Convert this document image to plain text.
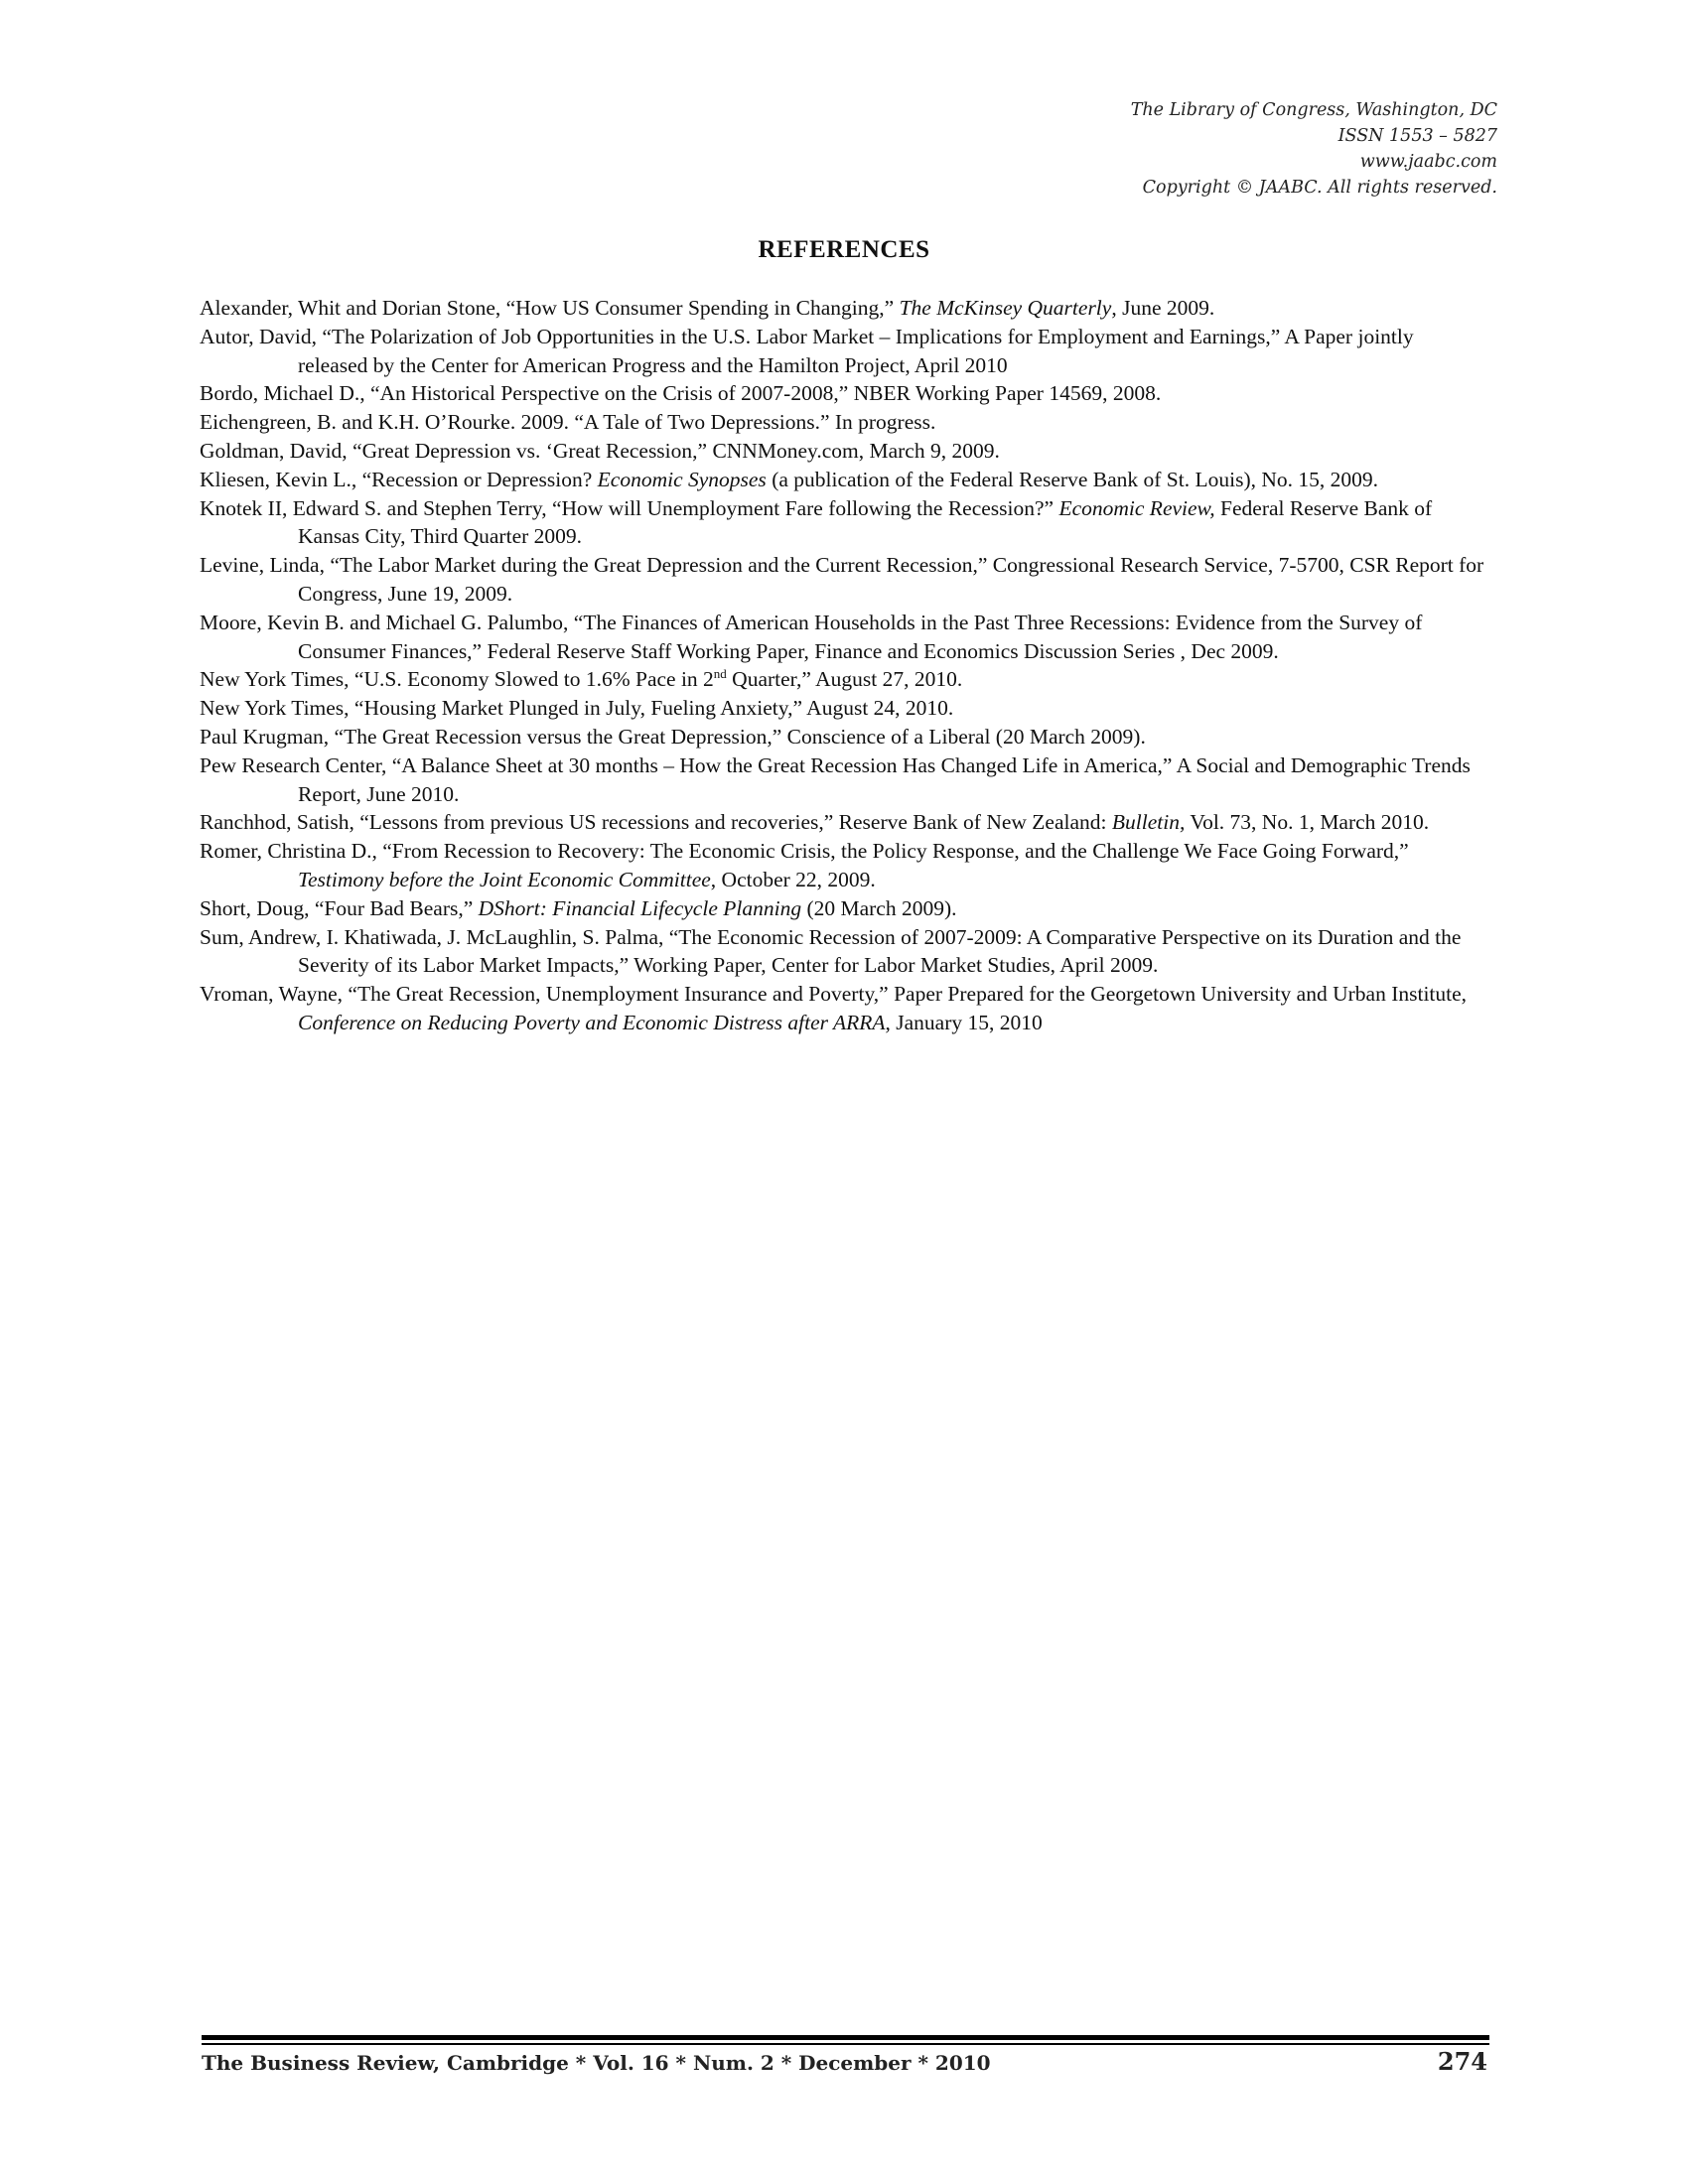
The Library of Congress, Washington, DC
ISSN 1553 – 5827
www.jaabc.com
Copyright © JAABC. All rights reserved.
REFERENCES

Alexander, Whit and Dorian Stone, “How US Consumer Spending in Changing,” The McKinsey Quarterly, June 2009.

Autor, David, “The Polarization of Job Opportunities in the U.S. Labor Market – Implications for Employment and Earnings,” A Paper jointly released by the Center for American Progress and the Hamilton Project, April 2010

Bordo, Michael D., “An Historical Perspective on the Crisis of 2007-2008,” NBER Working Paper 14569, 2008.

Eichengreen, B. and K.H. O’Rourke. 2009. “A Tale of Two Depressions.” In progress.

Goldman, David, “Great Depression vs. ‘Great Recession,” CNNMoney.com, March 9, 2009.

Kliesen, Kevin L., “Recession or Depression? Economic Synopses (a publication of the Federal Reserve Bank of St. Louis), No. 15, 2009.

Knotek II, Edward S. and Stephen Terry, “How will Unemployment Fare following the Recession?” Economic Review, Federal Reserve Bank of Kansas City, Third Quarter 2009.

Levine, Linda, “The Labor Market during the Great Depression and the Current Recession,” Congressional Research Service, 7-5700, CSR Report for Congress, June 19, 2009.

Moore, Kevin B. and Michael G. Palumbo, “The Finances of American Households in the Past Three Recessions: Evidence from the Survey of Consumer Finances,” Federal Reserve Staff Working Paper, Finance and Economics Discussion Series , Dec 2009.

New York Times, “U.S. Economy Slowed to 1.6% Pace in 2nd Quarter,” August 27, 2010.

New York Times, “Housing Market Plunged in July, Fueling Anxiety,” August 24, 2010.

Paul Krugman, “The Great Recession versus the Great Depression,” Conscience of a Liberal (20 March 2009).

Pew Research Center, “A Balance Sheet at 30 months – How the Great Recession Has Changed Life in America,” A Social and Demographic Trends Report, June 2010.

Ranchhod, Satish, “Lessons from previous US recessions and recoveries,” Reserve Bank of New Zealand: Bulletin, Vol. 73, No. 1, March 2010.

Romer, Christina D., “From Recession to Recovery: The Economic Crisis, the Policy Response, and the Challenge We Face Going Forward,” Testimony before the Joint Economic Committee, October 22, 2009.

Short, Doug, “Four Bad Bears,” DShort: Financial Lifecycle Planning (20 March 2009).

Sum, Andrew, I. Khatiwada, J. McLaughlin, S. Palma, “The Economic Recession of 2007-2009: A Comparative Perspective on its Duration and the Severity of its Labor Market Impacts,” Working Paper, Center for Labor Market Studies, April 2009.

Vroman, Wayne, “The Great Recession, Unemployment Insurance and Poverty,” Paper Prepared for the Georgetown University and Urban Institute, Conference on Reducing Poverty and Economic Distress after ARRA, January 15, 2010

The Business Review, Cambridge * Vol. 16 * Num. 2 * December * 2010	274
